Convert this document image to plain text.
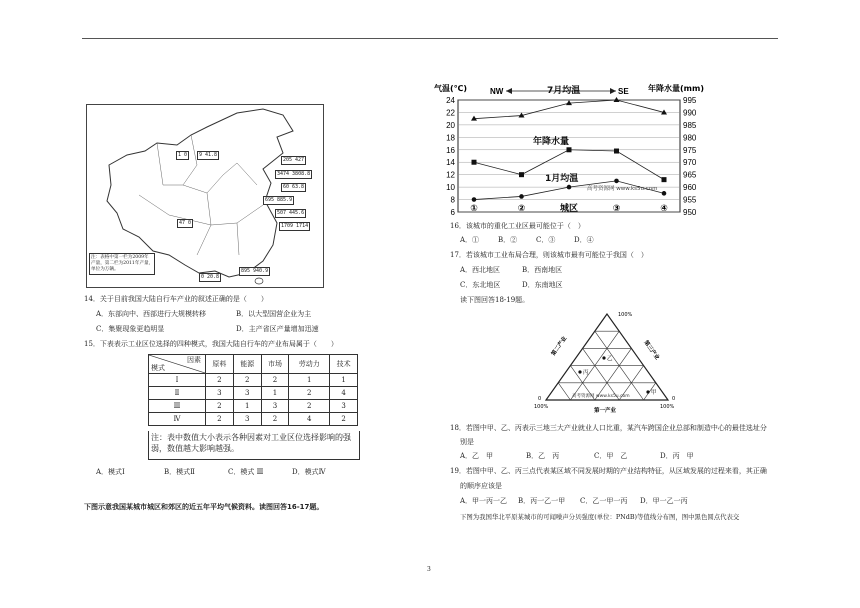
1 0	9 41.8
205 427
3474 3808.8
60 63.8
695 885.9
507 445.6
1709 1714
47 0
895 940.9
0 20.8
注：表格中第一栏为2009年
产量，第二栏为2011年产量，
单位为万辆。
14．关于目前我国大陆自行车产业的叙述正确的是（　　）
A．东部向中、西部进行大规模转移	B．以大型国营企业为主
C．集聚现象更趋明显	D．主产省区产量增加迅速
15．下表表示工业区位选择的四种模式，我国大陆自行车的产业布局属于（　　）
因素
模式	原料	能源	市场	劳动力	技术
Ⅰ	2	2	2	1	1
Ⅱ	3	3	1	2	4
Ⅲ	2	1	3	2	3
Ⅳ	2	3	2	4	2
注：表中数值大小表示各种因素对工业区位选择影响的强弱，数值越大影响越强。
A．模式Ⅰ	B．模式Ⅱ	C．模式 Ⅲ	D．模式Ⅳ
下图示意我国某城市城区和郊区的近五年平均气候资料。读图回答16-17题。
6
8
10
12
14
16
18
20
22
24
950
955
960
965
970
975
980
985
990
995
气温(℃)	年降水量(mm)
NW	SE
7月均温
年降水量
1月均温
①	②	城区	③	④
高考资源网 www.ks5u.com
16．该城市的重化工业区最可能位于（　）
A．①	B．②	C．③	D．④
17．若该城市工业布局合理，则该城市最有可能位于我国（　）
A．西北地区	B．西南地区
C．东北地区	D．东南地区
读下图回答18-19题。
100%
0	0
100%	100%
第二产业	第三产业
第一产业
乙
丙
甲
高考资源网 www.ks5u.com
18．若图中甲、乙、丙表示三地三大产业就业人口比重，某汽车跨国企业总部和制造中心的最佳选址分
别是
A．乙　甲	B．乙　丙	C．甲　乙	D．丙　甲
19．若图中甲、乙、丙三点代表某区域不同发展时期的产业结构特征，从区域发展的过程来看，其正确
的顺序应该是
A．甲一丙一乙 B．丙一乙一甲 C．乙一甲一丙 D．甲一乙一丙
下图为我国华北平原某城市的可闻噪声分贝强度(单位：PNdB)等值线分布图，图中黑色圆点代表交
3
